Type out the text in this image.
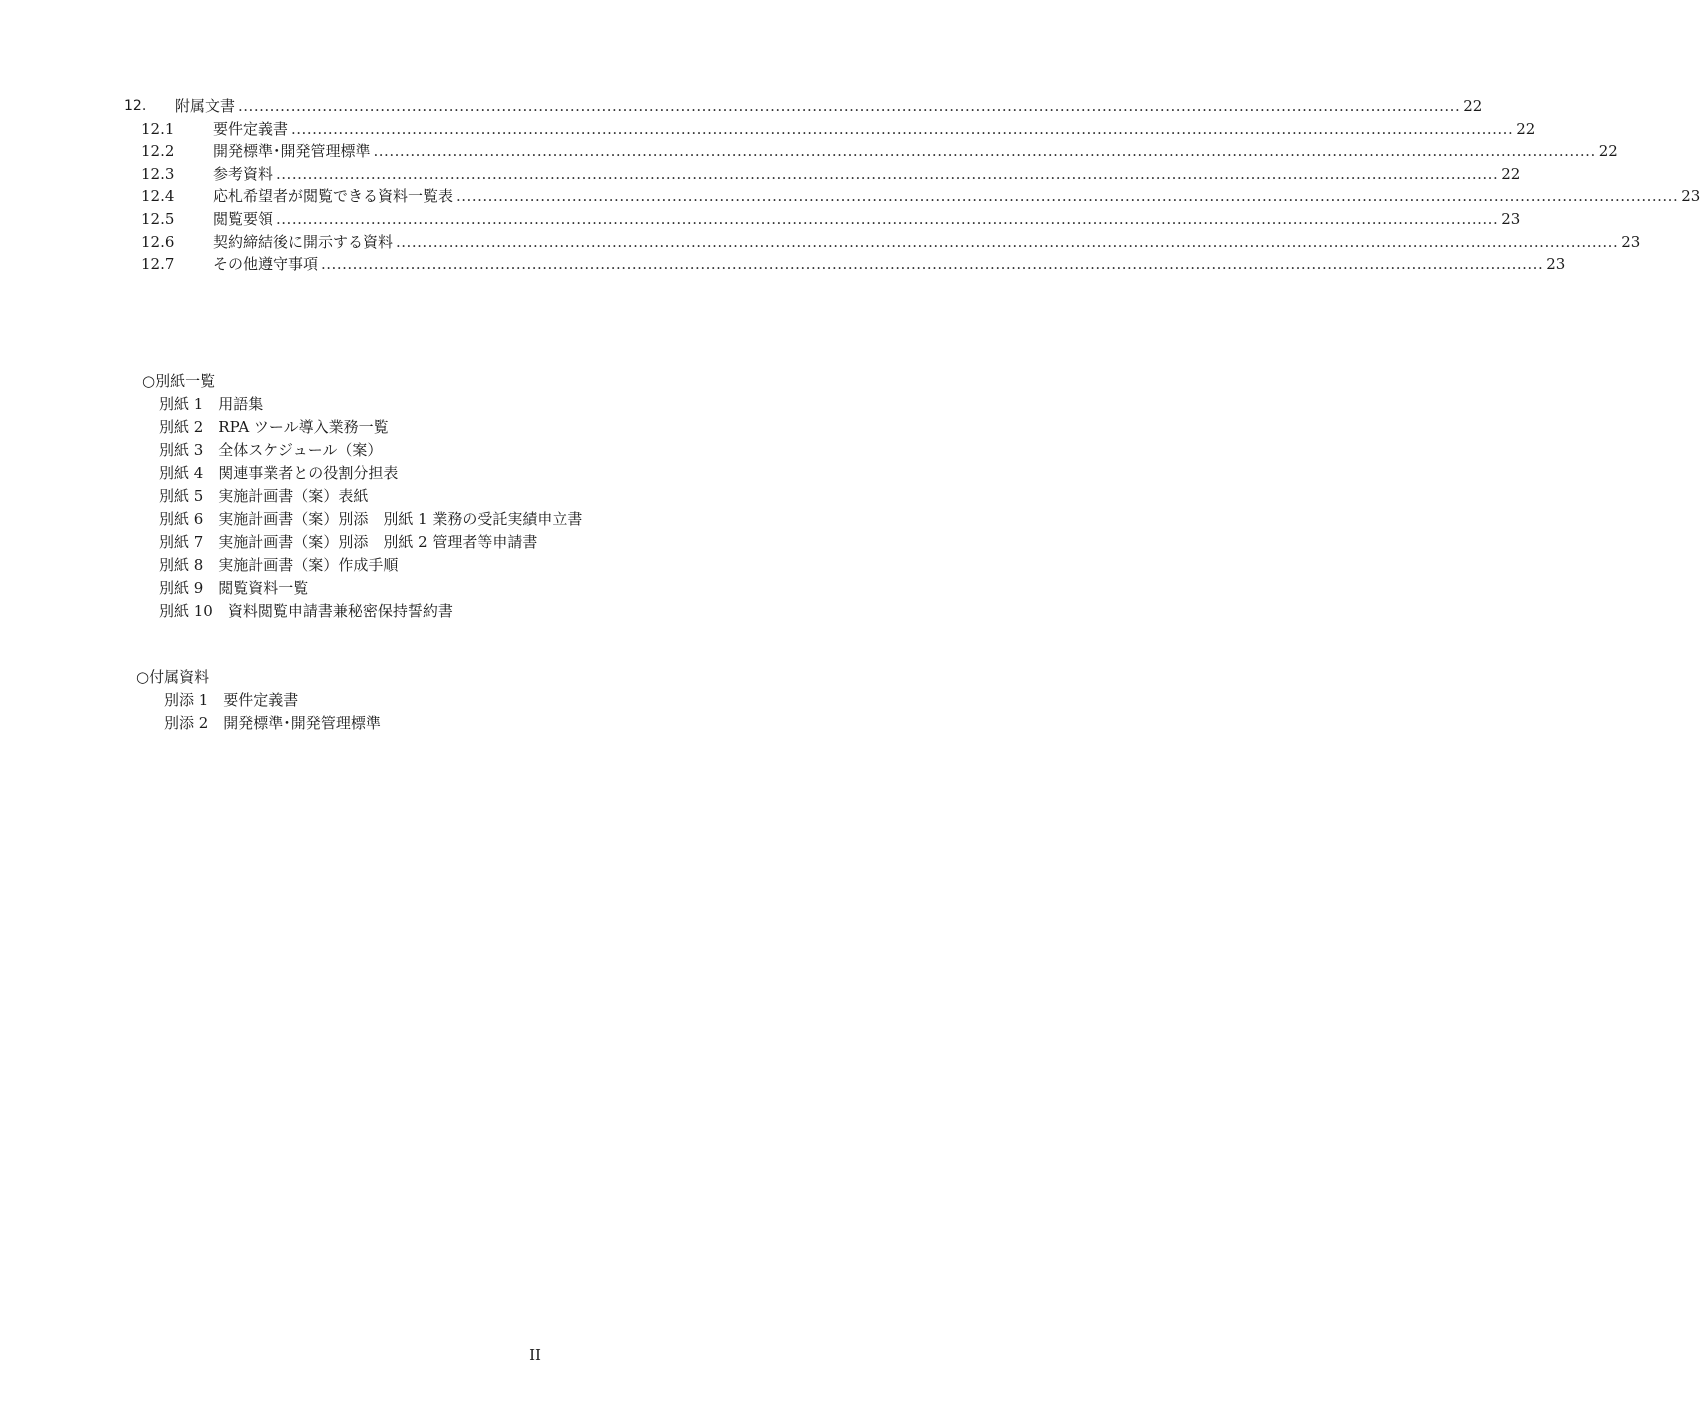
12. 附属文書 ........................................................................................................................................................................................................................................ 22
12.1	要件定義書 ........................................................................................................................................................................................................................................ 22
12.2	開発標準･開発管理標準 ........................................................................................................................................................................................................................................ 22
12.3	参考資料 ........................................................................................................................................................................................................................................ 22
12.4	応札希望者が閲覧できる資料一覧表 ........................................................................................................................................................................................................................................ 23
12.5	閲覧要領 ........................................................................................................................................................................................................................................ 23
12.6	契約締結後に開示する資料 ........................................................................................................................................................................................................................................ 23
12.7	その他遵守事項 ........................................................................................................................................................................................................................................ 23
○別紙一覧
別紙 1　用語集
別紙 2　RPA ツール導入業務一覧
別紙 3　全体スケジュール（案）
別紙 4　関連事業者との役割分担表
別紙 5　実施計画書（案）表紙
別紙 6　実施計画書（案）別添　別紙 1 業務の受託実績申立書
別紙 7　実施計画書（案）別添　別紙 2 管理者等申請書
別紙 8　実施計画書（案）作成手順
別紙 9　閲覧資料一覧
別紙 10　資料閲覧申請書兼秘密保持誓約書
○付属資料
別添 1　要件定義書
別添 2　開発標準･開発管理標準
II
